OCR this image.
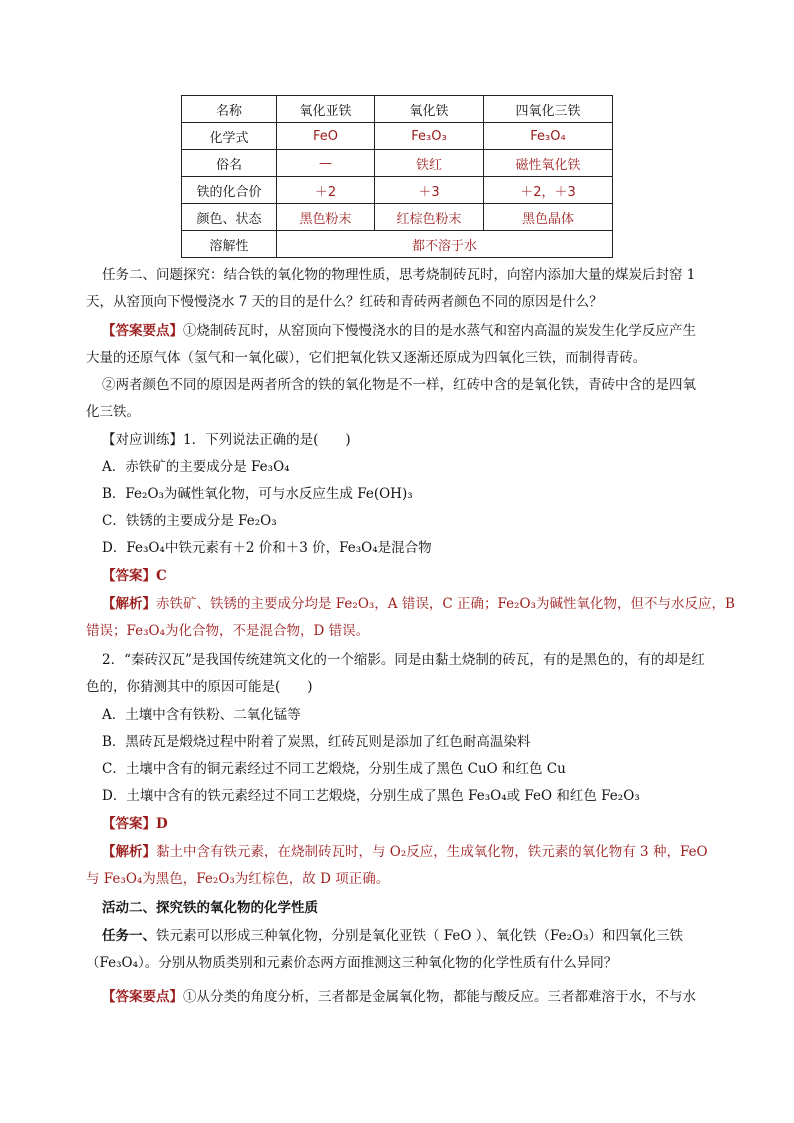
名称	氧化亚铁	氧化铁	四氧化三铁
化学式	FeO	Fe₃O₃	Fe₃O₄
俗名	—	铁红	磁性氧化铁
铁的化合价	＋2	＋3	＋2，＋3
颜色、状态	黑色粉末	红棕色粉末	黑色晶体
溶解性	都不溶于水		
任务二、问题探究：结合铁的氧化物的物理性质，思考烧制砖瓦时，向窑内添加大量的煤炭后封窑 1
天，从窑顶向下慢慢浇水 7 天的目的是什么？红砖和青砖两者颜色不同的原因是什么？
【答案要点】①烧制砖瓦时，从窑顶向下慢慢浇水的目的是水蒸气和窑内高温的炭发生化学反应产生
大量的还原气体（氢气和一氧化碳），它们把氧化铁又逐渐还原成为四氧化三铁，而制得青砖。
②两者颜色不同的原因是两者所含的铁的氧化物是不一样，红砖中含的是氧化铁，青砖中含的是四氧
化三铁。
【对应训练】1．下列说法正确的是(　　)
A．赤铁矿的主要成分是 Fe₃O₄
B．Fe₂O₃为碱性氧化物，可与水反应生成 Fe(OH)₃
C．铁锈的主要成分是 Fe₂O₃
D．Fe₃O₄中铁元素有＋2 价和＋3 价，Fe₃O₄是混合物
【答案】C
【解析】赤铁矿、铁锈的主要成分均是 Fe₂O₃，A 错误，C 正确；Fe₂O₃为碱性氧化物，但不与水反应，B
错误；Fe₃O₄为化合物，不是混合物，D 错误。
2．“秦砖汉瓦”是我国传统建筑文化的一个缩影。同是由黏土烧制的砖瓦，有的是黑色的，有的却是红
色的，你猜测其中的原因可能是(　　)
A．土壤中含有铁粉、二氧化锰等
B．黑砖瓦是煅烧过程中附着了炭黑，红砖瓦则是添加了红色耐高温染料
C．土壤中含有的铜元素经过不同工艺煅烧，分别生成了黑色 CuO 和红色 Cu
D．土壤中含有的铁元素经过不同工艺煅烧，分别生成了黑色 Fe₃O₄或 FeO 和红色 Fe₂O₃
【答案】D
【解析】黏土中含有铁元素，在烧制砖瓦时，与 O₂反应，生成氧化物，铁元素的氧化物有 3 种，FeO
与 Fe₃O₄为黑色，Fe₂O₃为红棕色，故 D 项正确。
活动二、探究铁的氧化物的化学性质
任务一、铁元素可以形成三种氧化物，分别是氧化亚铁（ FeO ）、氧化铁（Fe₂O₃）和四氧化三铁
（Fe₃O₄）。分别从物质类别和元素价态两方面推测这三种氧化物的化学性质有什么异同？
【答案要点】①从分类的角度分析，三者都是金属氧化物，都能与酸反应。三者都难溶于水，不与水
